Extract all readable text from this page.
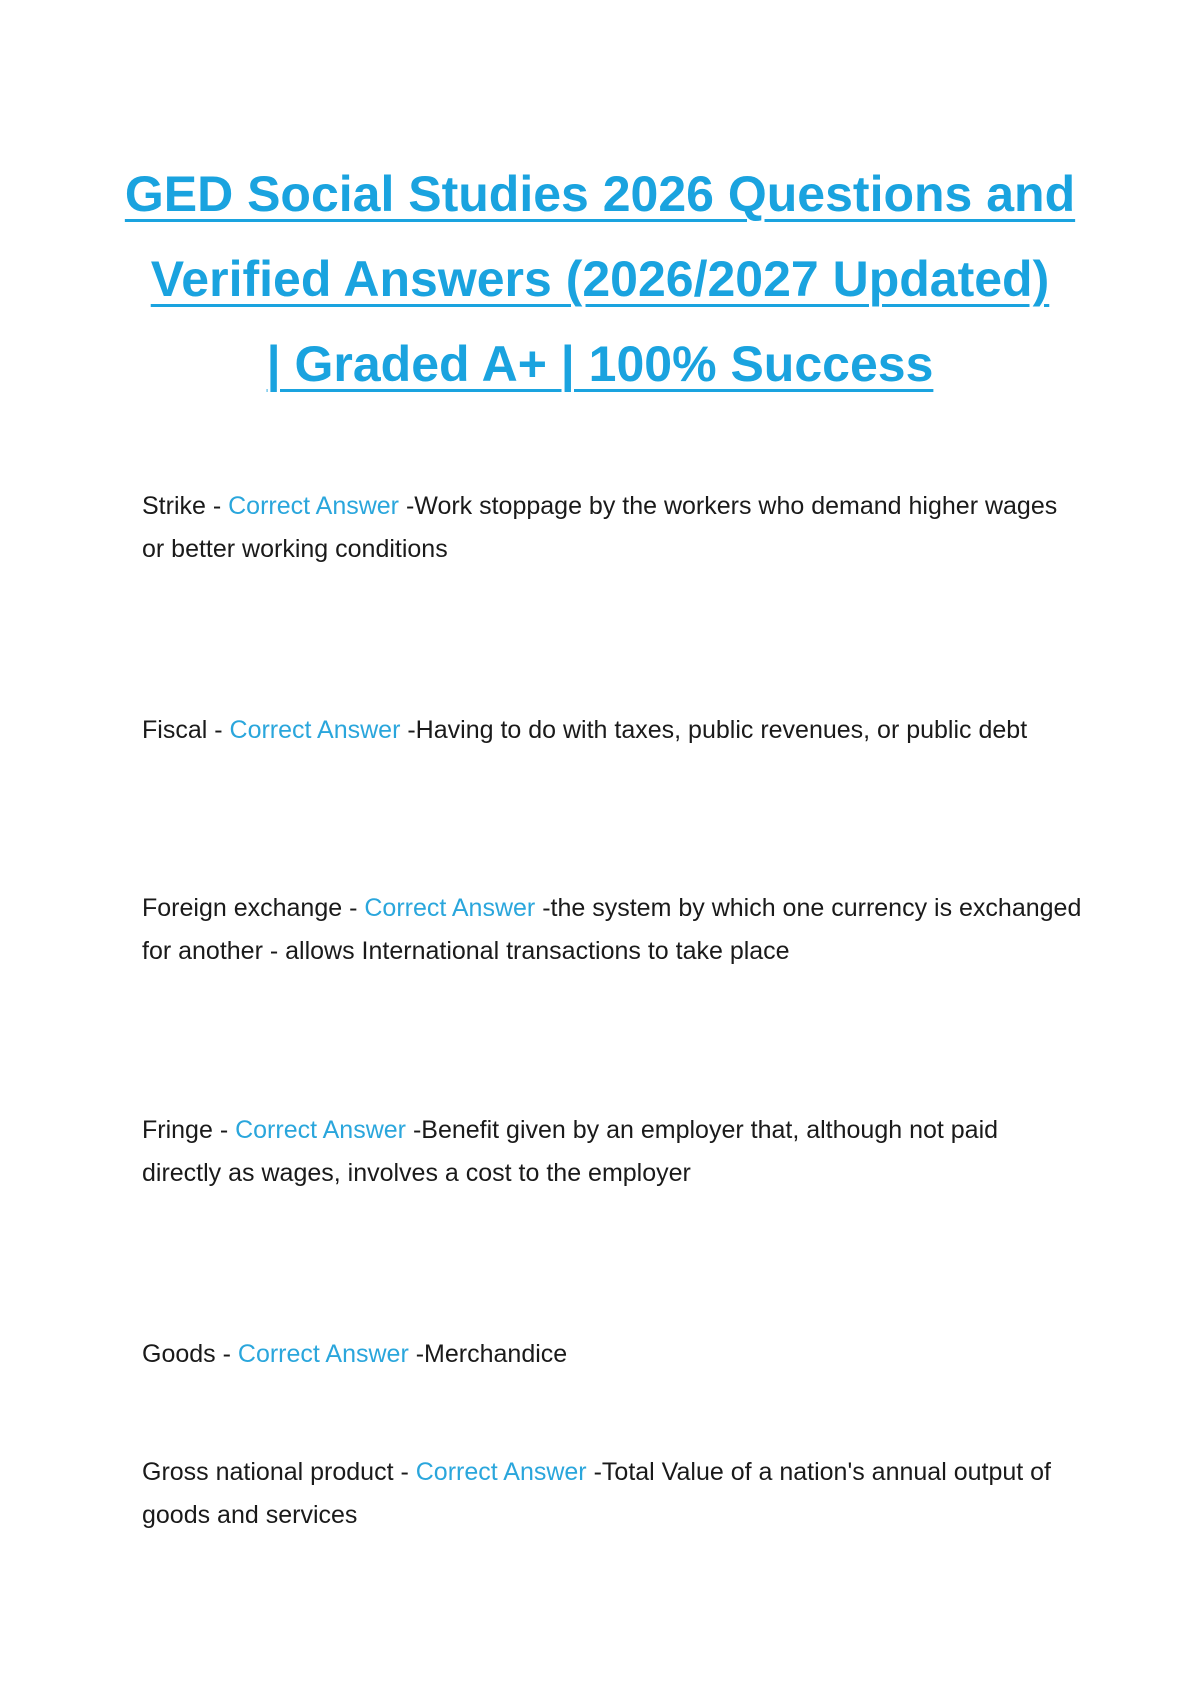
GED Social Studies 2026 Questions and
Verified Answers (2026/2027 Updated)
| Graded A+ | 100% Success

Strike - Correct Answer -Work stoppage by the workers who demand higher wages or better working conditions

Fiscal - Correct Answer -Having to do with taxes, public revenues, or public debt

Foreign exchange - Correct Answer -the system by which one currency is exchanged for another - allows International transactions to take place

Fringe - Correct Answer -Benefit given by an employer that, although not paid directly as wages, involves a cost to the employer

Goods - Correct Answer -Merchandice

Gross national product - Correct Answer -Total Value of a nation's annual output of goods and services
